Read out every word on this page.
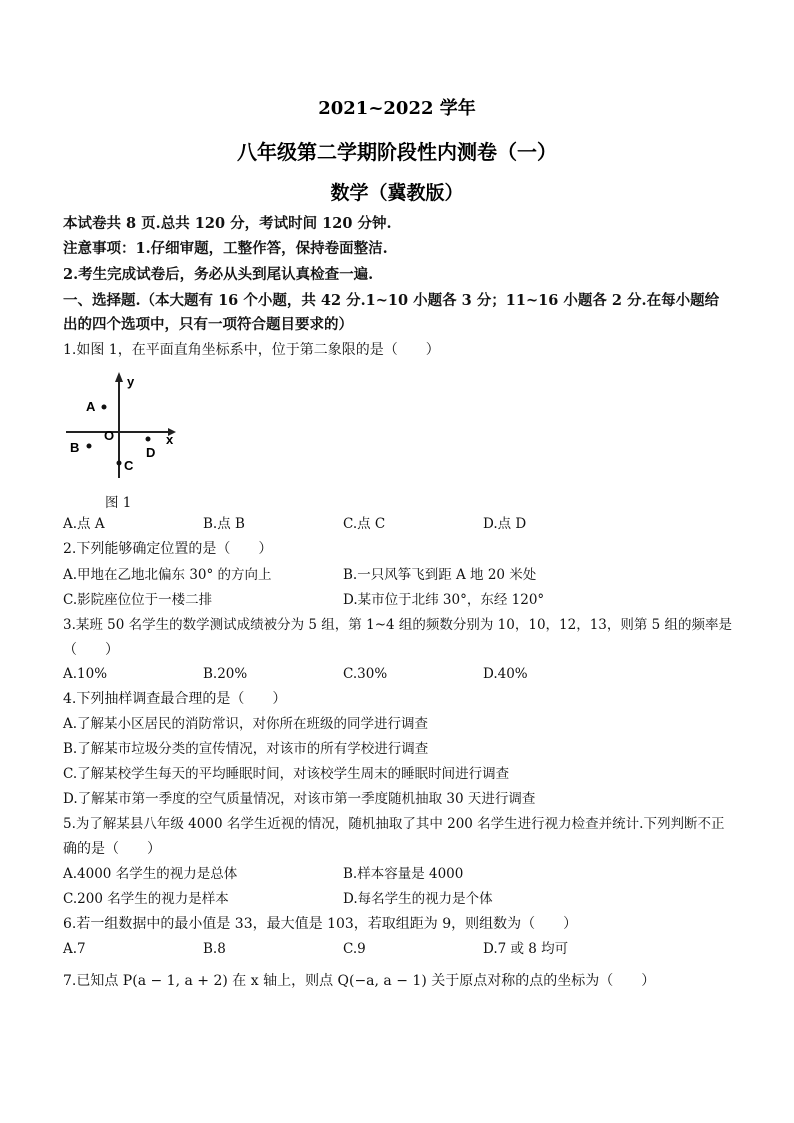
2021~2022 学年
八年级第二学期阶段性内测卷（一）
数学（冀教版）
本试卷共 8 页.总共 120 分，考试时间 120 分钟.
注意事项：1.仔细审题，工整作答，保持卷面整洁.
2.考生完成试卷后，务必从头到尾认真检查一遍.
一、选择题.（本大题有 16 个小题，共 42 分.1~10 小题各 3 分；11~16 小题各 2 分.在每小题给
出的四个选项中，只有一项符合题目要求的）
1.如图 1，在平面直角坐标系中，位于第二象限的是（　　）
y
x
O
A
B	D
C
图 1
A.点 A	B.点 B	C.点 C	D.点 D
2.下列能够确定位置的是（　　）
A.甲地在乙地北偏东 30° 的方向上	B.一只风筝飞到距 A 地 20 米处
C.影院座位位于一楼二排	D.某市位于北纬 30°，东经 120°
3.某班 50 名学生的数学测试成绩被分为 5 组，第 1~4 组的频数分别为 10，10，12，13，则第 5 组的频率是
（　　）
A.10%	B.20%	C.30%	D.40%
4.下列抽样调查最合理的是（　　）
A.了解某小区居民的消防常识，对你所在班级的同学进行调查
B.了解某市垃圾分类的宣传情况，对该市的所有学校进行调查
C.了解某校学生每天的平均睡眠时间，对该校学生周末的睡眠时间进行调查
D.了解某市第一季度的空气质量情况，对该市第一季度随机抽取 30 天进行调查
5.为了解某县八年级 4000 名学生近视的情况，随机抽取了其中 200 名学生进行视力检查并统计.下列判断不正
确的是（　　）
A.4000 名学生的视力是总体	B.样本容量是 4000
C.200 名学生的视力是样本	D.每名学生的视力是个体
6.若一组数据中的最小值是 33，最大值是 103，若取组距为 9，则组数为（　　）
A.7	B.8	C.9	D.7 或 8 均可
7.已知点 P(a − 1, a + 2) 在 x 轴上，则点 Q(−a, a − 1) 关于原点对称的点的坐标为（　　）
